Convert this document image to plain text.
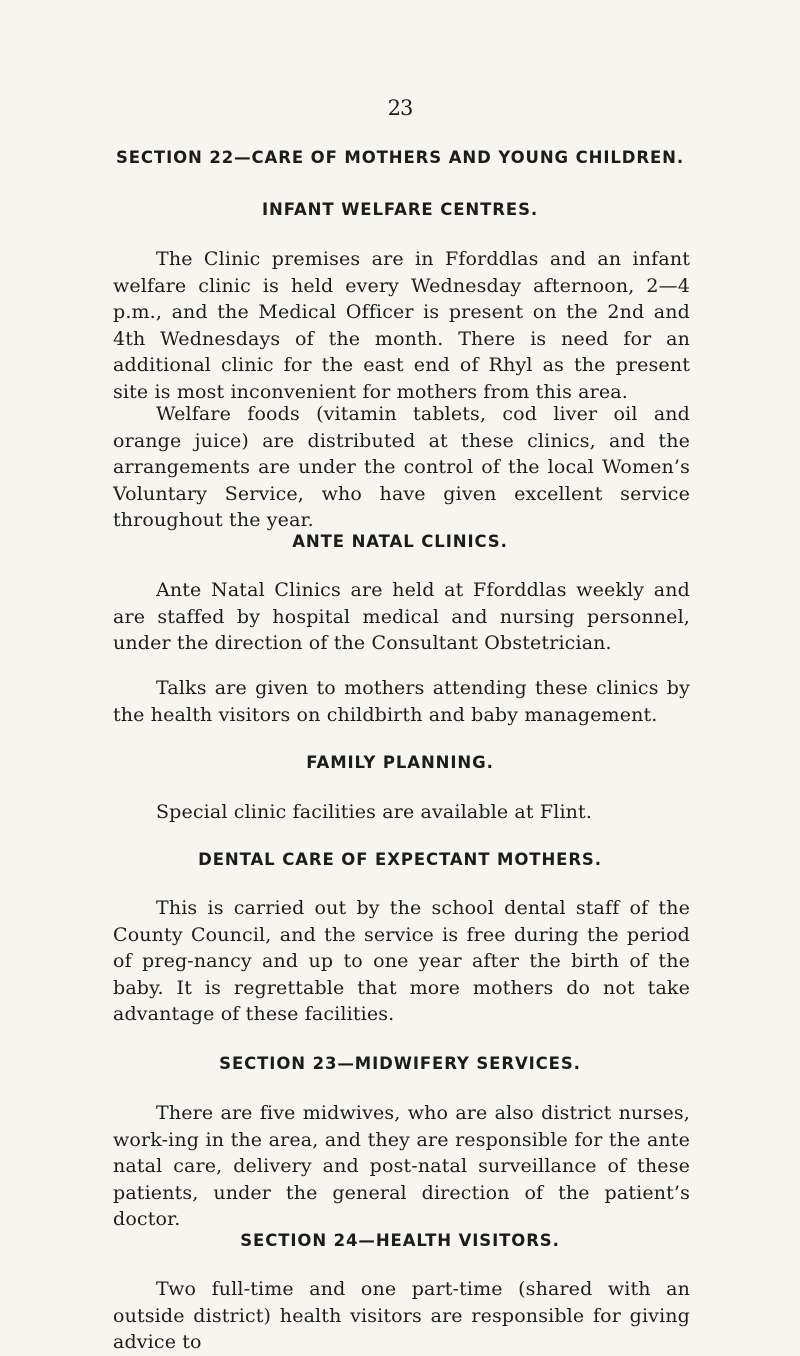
23
SECTION 22—CARE OF MOTHERS AND YOUNG CHILDREN.
INFANT WELFARE CENTRES.

The Clinic premises are in Fforddlas and an infant welfare clinic is held every Wednesday afternoon, 2—4 p.m., and the Medical Officer is present on the 2nd and 4th Wednesdays of the month. There is need for an additional clinic for the east end of Rhyl as the present site is most inconvenient for mothers from this area.

Welfare foods (vitamin tablets, cod liver oil and orange juice) are distributed at these clinics, and the arrangements are under the control of the local Women’s Voluntary Service, who have given excellent service throughout the year.

ANTE NATAL CLINICS.

Ante Natal Clinics are held at Fforddlas weekly and are staffed by hospital medical and nursing personnel, under the direction of the Consultant Obstetrician.

Talks are given to mothers attending these clinics by the health visitors on childbirth and baby management.

FAMILY PLANNING.

Special clinic facilities are available at Flint.

DENTAL CARE OF EXPECTANT MOTHERS.

This is carried out by the school dental staff of the County Council, and the service is free during the period of preg-nancy and up to one year after the birth of the baby. It is regrettable that more mothers do not take advantage of these facilities.

SECTION 23—MIDWIFERY SERVICES.

There are five midwives, who are also district nurses, work-ing in the area, and they are responsible for the ante natal care, delivery and post-natal surveillance of these patients, under the general direction of the patient’s doctor.

SECTION 24—HEALTH VISITORS.

Two full-time and one part-time (shared with an outside district) health visitors are responsible for giving advice to
